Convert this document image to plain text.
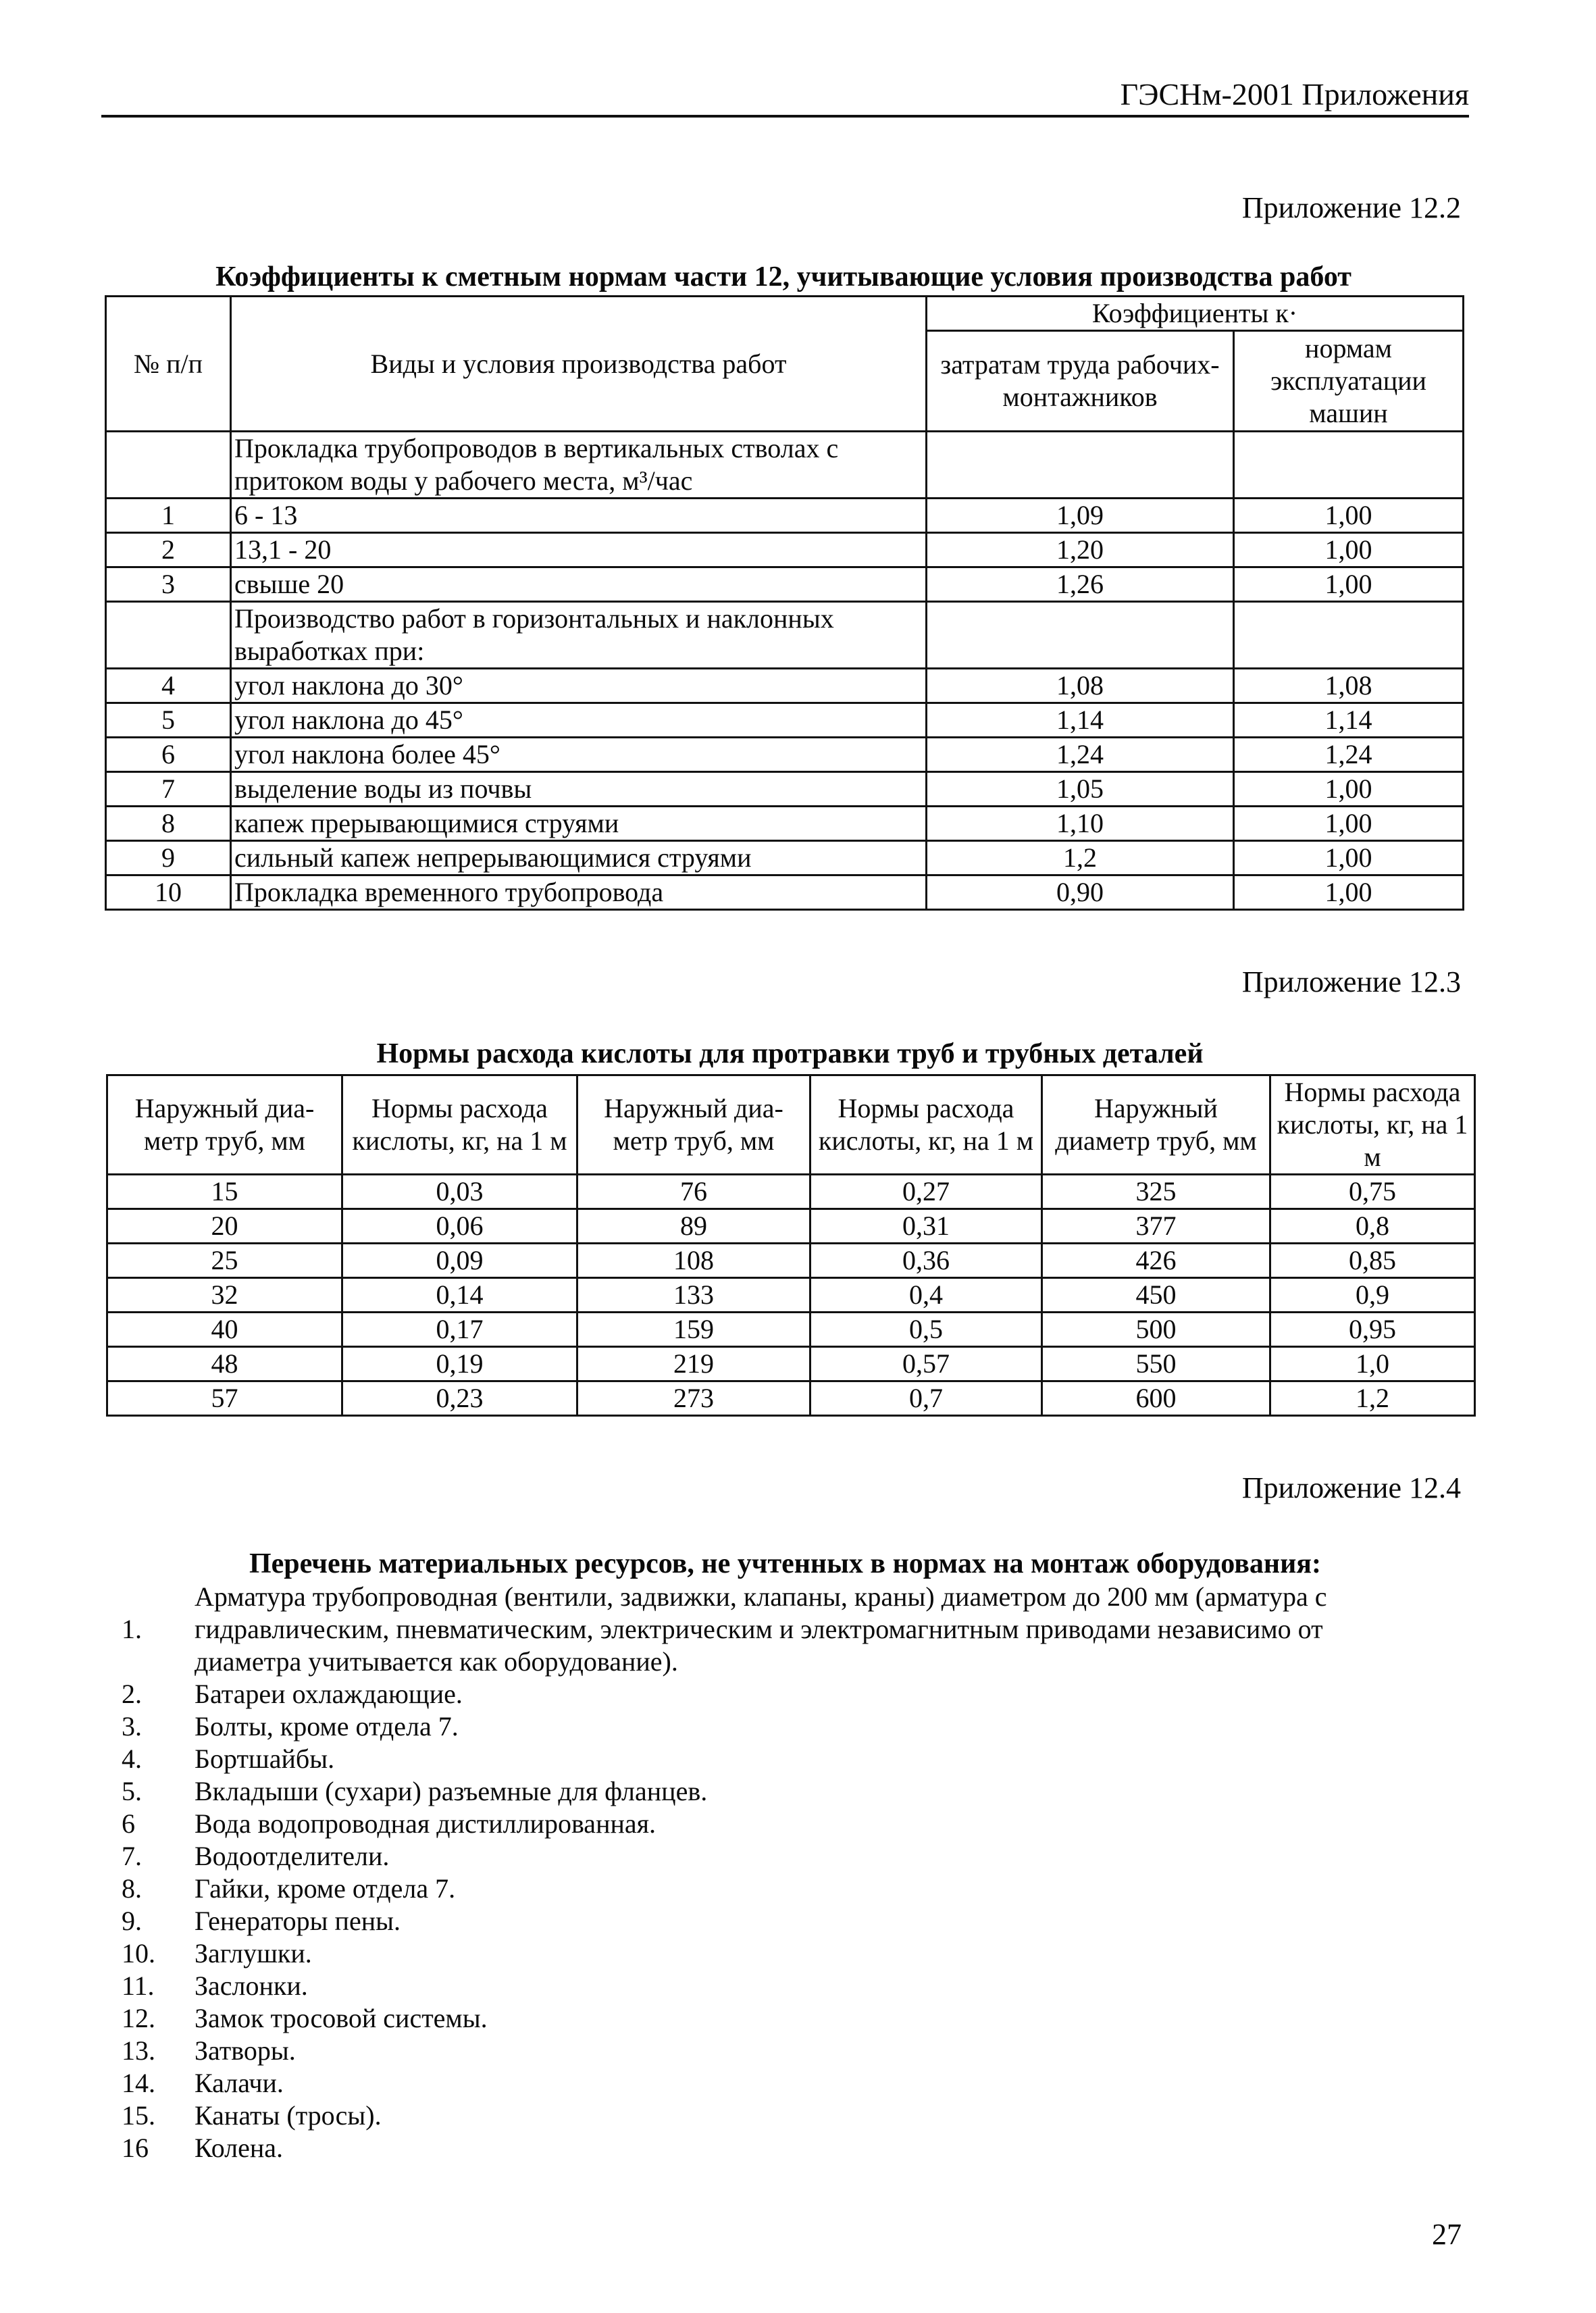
ГЭСНм-2001 Приложения
Приложение 12.2
Коэффициенты к сметным нормам части 12, учитывающие условия производства работ
№ п/п	Виды и условия производства работ	Коэффициенты к·	
		затратам труда рабочих-монтажников	нормам эксплуатации машин
	Прокладка трубопроводов в вертикальных стволах с притоком воды у рабочего места, м³/час		
1	6 - 13	1,09	1,00
2	13,1 - 20	1,20	1,00
3	свыше 20	1,26	1,00
	Производство работ в горизонтальных и наклонных выработках при:		
4	угол наклона до 30°	1,08	1,08
5	угол наклона до 45°	1,14	1,14
6	угол наклона более 45°	1,24	1,24
7	выделение воды из почвы	1,05	1,00
8	капеж прерывающимися струями	1,10	1,00
9	сильный капеж непрерывающимися струями	1,2	1,00
10	Прокладка временного трубопровода	0,90	1,00
Приложение 12.3
Нормы расхода кислоты для протравки труб и трубных деталей
Наружный диа-метр труб, мм	Нормы расхода кислоты, кг, на 1 м	Наружный диа-метр труб, мм	Нормы расхода кислоты, кг, на 1 м	Наружный диаметр труб, мм	Нормы расхода кислоты, кг, на 1 м
15	0,03	76	0,27	325	0,75
20	0,06	89	0,31	377	0,8
25	0,09	108	0,36	426	0,85
32	0,14	133	0,4	450	0,9
40	0,17	159	0,5	500	0,95
48	0,19	219	0,57	550	1,0
57	0,23	273	0,7	600	1,2
Приложение 12.4
Перечень материальных ресурсов, не учтенных в нормах на монтаж оборудования:
1.
Арматура трубопроводная (вентили, задвижки, клапаны, краны) диаметром до 200 мм (арматура с гидравлическим, пневматическим, электрическим и электромагнитным приводами независимо от диаметра учитывается как оборудование).
2.	Батареи охлаждающие.
3.	Болты, кроме отдела 7.
4.	Бортшайбы.
5.	Вкладыши (сухари) разъемные для фланцев.
6	Вода водопроводная дистиллированная.
7.	Водоотделители.
8.	Гайки, кроме отдела 7.
9.	Генераторы пены.
10.	Заглушки.
11.	Заслонки.
12.	Замок тросовой системы.
13.	Затворы.
14.	Калачи.
15.	Канаты (тросы).
16	Колена.
27
